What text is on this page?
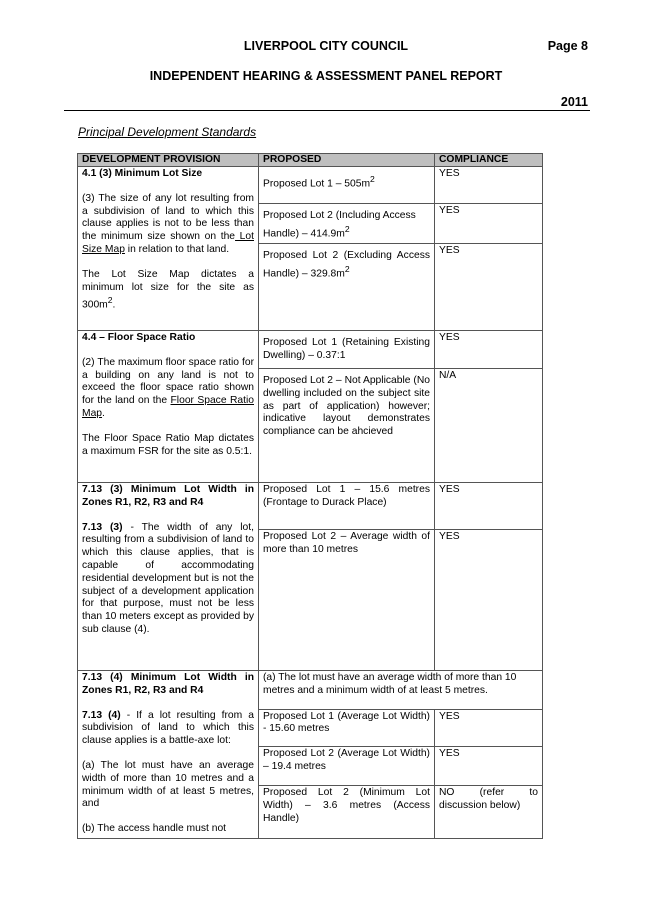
LIVERPOOL CITY COUNCIL	Page 8
INDEPENDENT HEARING & ASSESSMENT PANEL REPORT
2011
Principal Development Standards
DEVELOPMENT PROVISION	PROPOSED	COMPLIANCE

4.1 (3) Minimum Lot Size

(3) The size of any lot resulting from a subdivision of land to which this clause applies is not to be less than the minimum size shown on the Lot Size Map in relation to that land.

The Lot Size Map dictates a minimum lot size for the site as $300m^2$.	Proposed Lot $1 - 505m^2$	YES
	Proposed Lot 2 (Including Access Handle) – $414.9m^2$	YES
	Proposed Lot 2 (Excluding Access Handle) – $329.8m^2$	YES

4.4 – Floor Space Ratio

(2) The maximum floor space ratio for a building on any land is not to exceed the floor space ratio shown for the land on the Floor Space Ratio Map.

The Floor Space Ratio Map dictates a maximum FSR for the site as 0.5:1.	Proposed Lot 1 (Retaining Existing Dwelling) – 0.37:1	YES
	Proposed Lot 2 – Not Applicable (No dwelling included on the subject site as part of application) however; indicative layout demonstrates compliance can be ahcieved	N/A

7.13 (3) Minimum Lot Width in Zones R1, R2, R3 and R4

7.13 (3) - The width of any lot, resulting from a subdivision of land to which this clause applies, that is capable of accommodating residential development but is not the subject of a development application for that purpose, must not be less than 10 meters except as provided by sub clause (4).	Proposed Lot 1 – 15.6 metres (Frontage to Durack Place)	YES
	Proposed Lot 2 – Average width of more than 10 metres	YES

7.13 (4) Minimum Lot Width in Zones R1, R2, R3 and R4

7.13 (4) - If a lot resulting from a subdivision of land to which this clause applies is a battle-axe lot:

(a) The lot must have an average width of more than 10 metres and a minimum width of at least 5 metres, and

(b) The access handle must not	(a) The lot must have an average width of more than 10 metres and a minimum width of at least 5 metres.	
	Proposed Lot 1 (Average Lot Width) - 15.60 metres	YES
	Proposed Lot 2 (Average Lot Width) – 19.4 metres	YES
	Proposed Lot 2 (Minimum Lot Width) – 3.6 metres (Access Handle)	NO (refer to discussion below)
